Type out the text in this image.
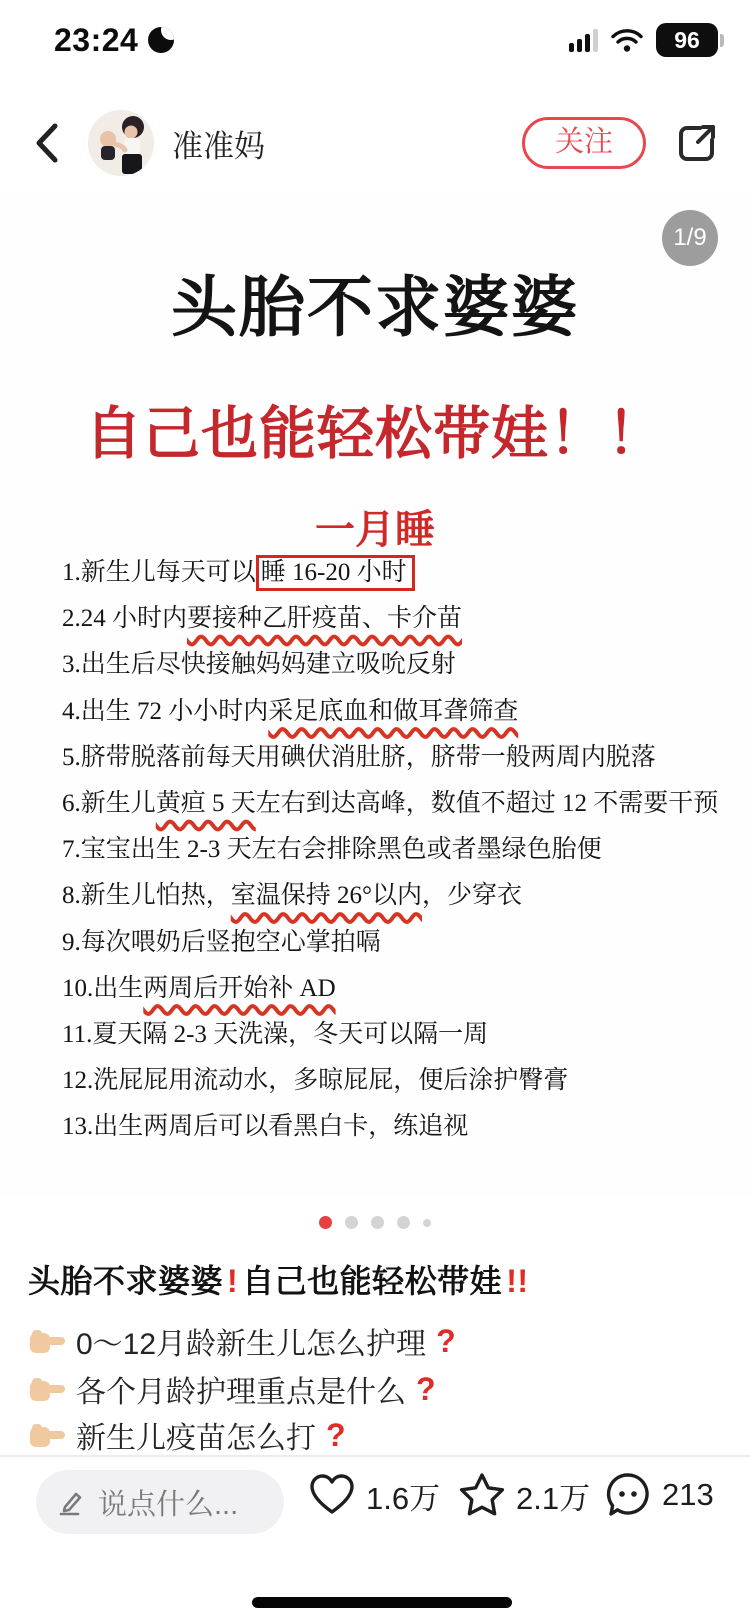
23:24	96
准准妈	关注
1/9
头胎不求婆婆
自己也能轻松带娃！！
一月睡
1.新生儿每天可以 睡 16-20 小时
2.24 小时内要接种乙肝疫苗、卡介苗
3.出生后尽快接触妈妈建立吸吮反射
4.出生 72 小小时内采足底血和做耳聋筛查
5.脐带脱落前每天用碘伏消肚脐，脐带一般两周内脱落
6.新生儿黄疸 5 天左右到达高峰，数值不超过 12 不需要干预
7.宝宝出生 2-3 天左右会排除黑色或者墨绿色胎便
8.新生儿怕热，室温保持 26°以内，少穿衣
9.每次喂奶后竖抱空心掌拍嗝
10.出生两周后开始补 AD
11.夏天隔 2-3 天洗澡，冬天可以隔一周
12.洗屁屁用流动水，多晾屁屁，便后涂护臀膏
13.出生两周后可以看黑白卡，练追视
头胎不求婆婆 ! 自己也能轻松带娃 !!
0～12月龄新生儿怎么护理 ?
各个月龄护理重点是什么 ?
新生儿疫苗怎么打 ?
说点什么...	1.6万 2.1万 213
